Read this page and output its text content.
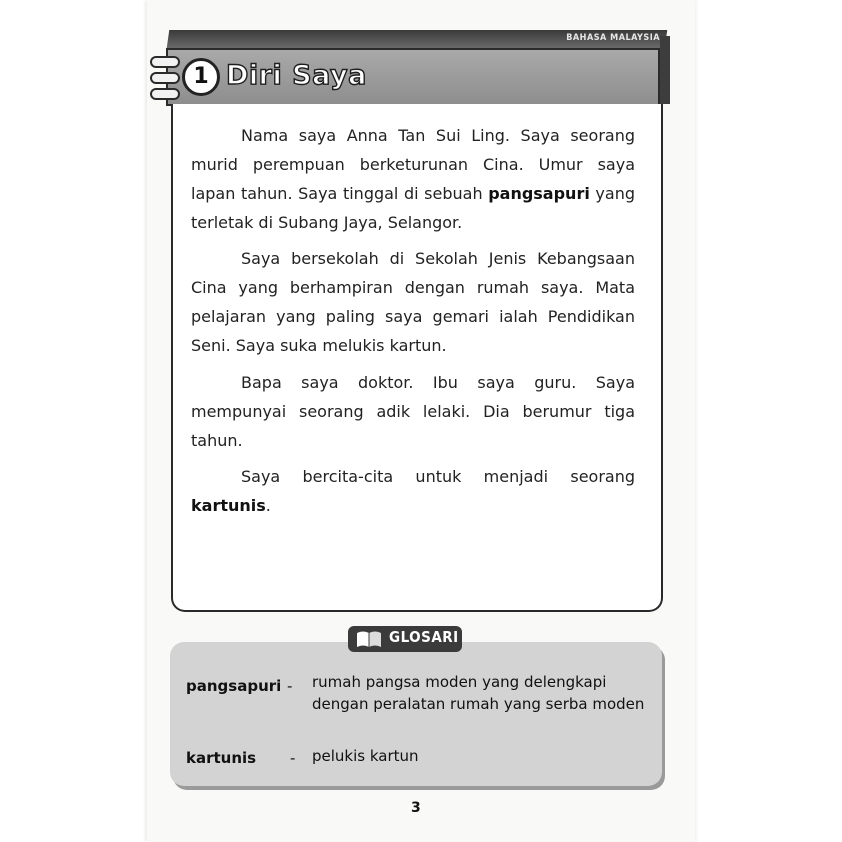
BAHASA MALAYSIA
1 Diri Saya

Nama saya Anna Tan Sui Ling. Saya seorang murid perempuan berketurunan Cina. Umur saya lapan tahun. Saya tinggal di sebuah pangsapuri yang terletak di Subang Jaya, Selangor.

Saya bersekolah di Sekolah Jenis Kebangsaan Cina yang berhampiran dengan rumah saya. Mata pelajaran yang paling saya gemari ialah Pendidikan Seni. Saya suka melukis kartun.

Bapa saya doktor. Ibu saya guru. Saya mempunyai seorang adik lelaki. Dia berumur tiga tahun.

Saya bercita-cita untuk menjadi seorang kartunis.

GLOSARI
pangsapuri - rumah pangsa moden yang delengkapi dengan peralatan rumah yang serba moden

kartunis - pelukis kartun

3
